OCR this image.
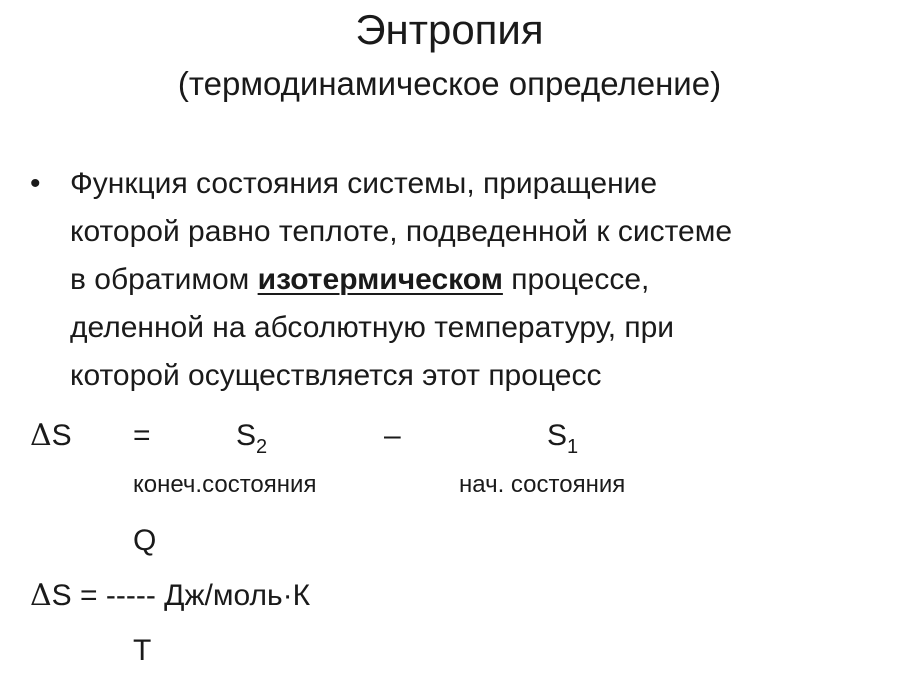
Энтропия
(термодинамическое определение)
• Функция состояния системы, приращение
которой равно теплоте, подведенной к системе
в обратимом изотермическом процессе,
деленной на абсолютную температуру, при
которой осуществляется этот процесс
ΔS =	$S_2$	–	$S_1$
конеч.состояния	нач. состояния
Q
ΔS = ----- Дж/моль·К
T
